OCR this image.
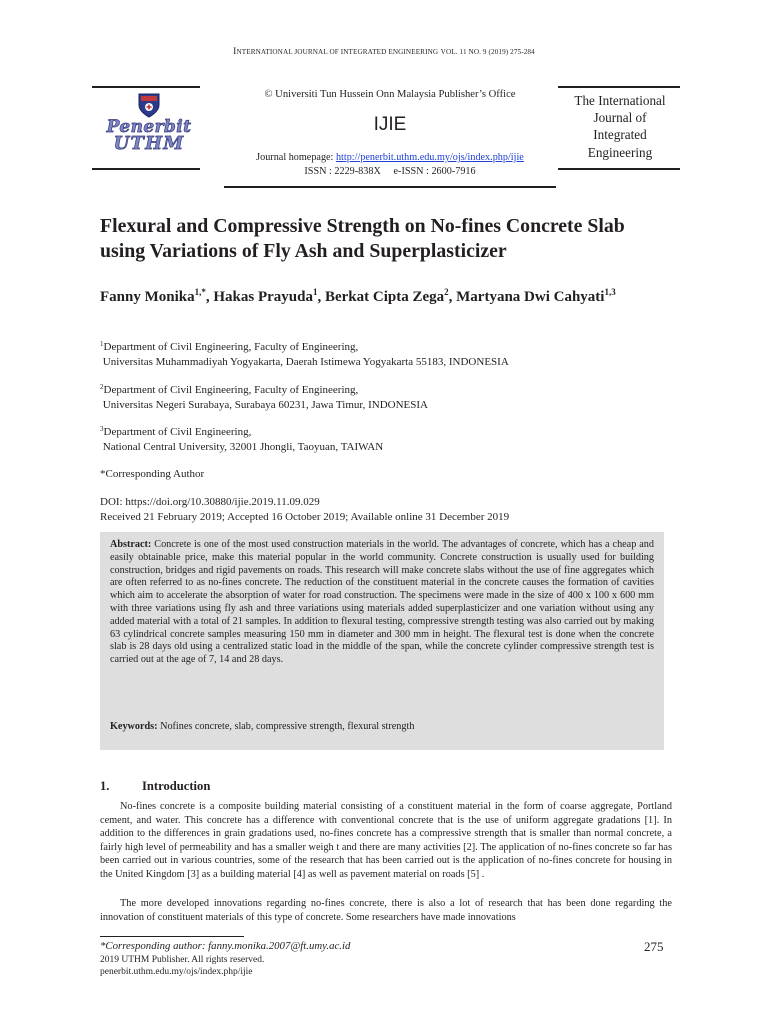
INTERNATIONAL JOURNAL OF INTEGRATED ENGINEERING VOL. 11 NO. 9 (2019) 275-284
Penerbit
UTHM
© Universiti Tun Hussein Onn Malaysia Publisher’s Office
IJIE
Journal homepage: http://penerbit.uthm.edu.my/ojs/index.php/ijie
ISSN : 2229-838X     e-ISSN : 2600-7916
The International
Journal of
Integrated
Engineering
Flexural and Compressive Strength on No-fines Concrete Slab
using Variations of Fly Ash and Superplasticizer
Fanny Monika$^{1,*}$, Hakas Prayuda$^1$, Berkat Cipta Zega$^2$, Martyana Dwi Cahyati$^{1,3}$
$^1$Department of Civil Engineering, Faculty of Engineering,
Universitas Muhammadiyah Yogyakarta, Daerah Istimewa Yogyakarta 55183, INDONESIA
$^2$Department of Civil Engineering, Faculty of Engineering,
Universitas Negeri Surabaya, Surabaya 60231, Jawa Timur, INDONESIA
$^3$Department of Civil Engineering,
National Central University, 32001 Jhongli, Taoyuan, TAIWAN
*Corresponding Author
DOI: https://doi.org/10.30880/ijie.2019.11.09.029
Received 21 February 2019; Accepted 16 October 2019; Available online 31 December 2019
Abstract: Concrete is one of the most used construction materials in the world. The advantages of concrete, which has a cheap and easily obtainable price, make this material popular in the world community. Concrete construction is usually used for building construction, bridges and rigid pavements on roads. This research will make concrete slabs without the use of fine aggregates which are often referred to as no-fines concrete. The reduction of the constituent material in the concrete causes the formation of cavities which aim to accelerate the absorption of water for road construction. The specimens were made in the size of 400 x 100 x 600 mm with three variations using fly ash and three variations using materials added superplasticizer and one variation without using any added material with a total of 21 samples. In addition to flexural testing, compressive strength testing was also carried out by making 63 cylindrical concrete samples measuring 150 mm in diameter and 300 mm in height. The flexural test is done when the concrete slab is 28 days old using a centralized static load in the middle of the span, while the concrete cylinder compressive strength test is carried out at the age of 7, 14 and 28 days.
Keywords: Nofines concrete, slab, compressive strength, flexural strength
1.	Introduction
No-fines concrete is a composite building material consisting of a constituent material in the form of coarse aggregate, Portland cement, and water. This concrete has a difference with conventional concrete that is the use of uniform aggregate gradations [1]. In addition to the differences in grain gradations used, no-fines concrete has a compressive strength that is smaller than normal concrete, a fairly high level of permeability and has a smaller weigh t and there are many activities [2]. The application of no-fines concrete so far has been carried out in various countries, some of the research that has been carried out is the application of no-fines concrete for housing in the United Kingdom [3] as a building material [4] as well as pavement material on roads [5] .
The more developed innovations regarding no-fines concrete, there is also a lot of research that has been done regarding the innovation of constituent materials of this type of concrete. Some researchers have made innovations
*Corresponding author: fanny.monika.2007@ft.umy.ac.id
2019 UTHM Publisher. All rights reserved.
penerbit.uthm.edu.my/ojs/index.php/ijie
275
